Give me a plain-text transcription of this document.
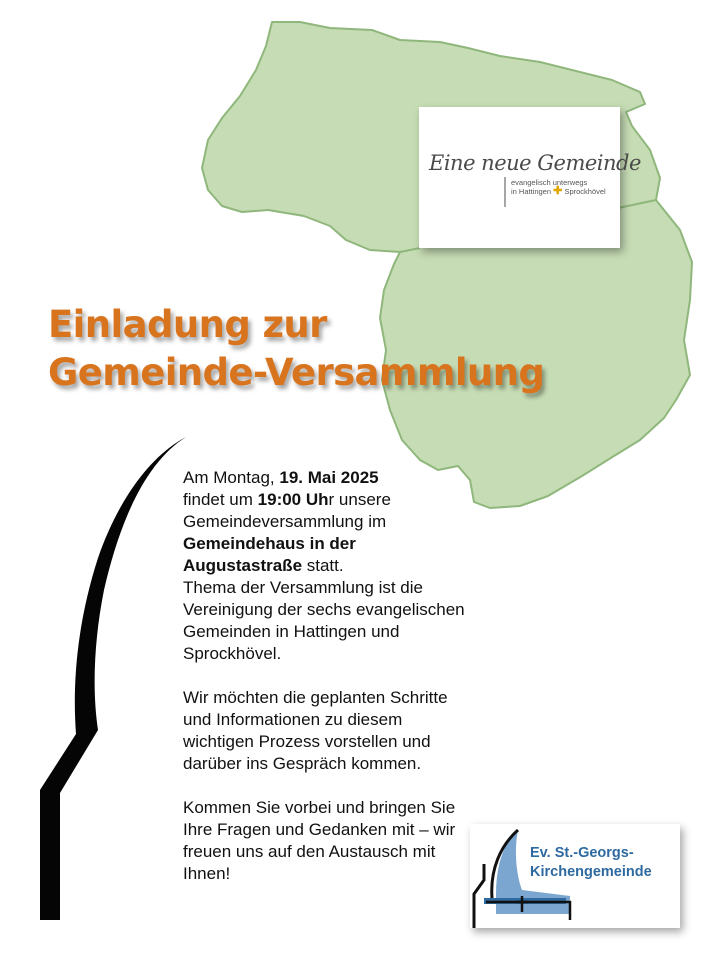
Eine neue Gemeinde
evangelisch unterwegs
in Hattingen ✚ Sprockhövel
Einladung zur
Gemeinde-Versammlung

Am Montag, 19. Mai 2025
findet um 19:00 Uhr unsere Gemeindeversammlung im
Gemeindehaus in der Augustastraße statt.
Thema der Versammlung ist die Vereinigung der sechs evangelischen Gemeinden in Hattingen und Sprockhövel.

Wir möchten die geplanten Schritte und Informationen zu diesem wichtigen Prozess vorstellen und darüber ins Gespräch kommen.

Kommen Sie vorbei und bringen Sie Ihre Fragen und Gedanken mit – wir freuen uns auf den Austausch mit Ihnen!

Ev. St.-Georgs-
Kirchengemeinde
